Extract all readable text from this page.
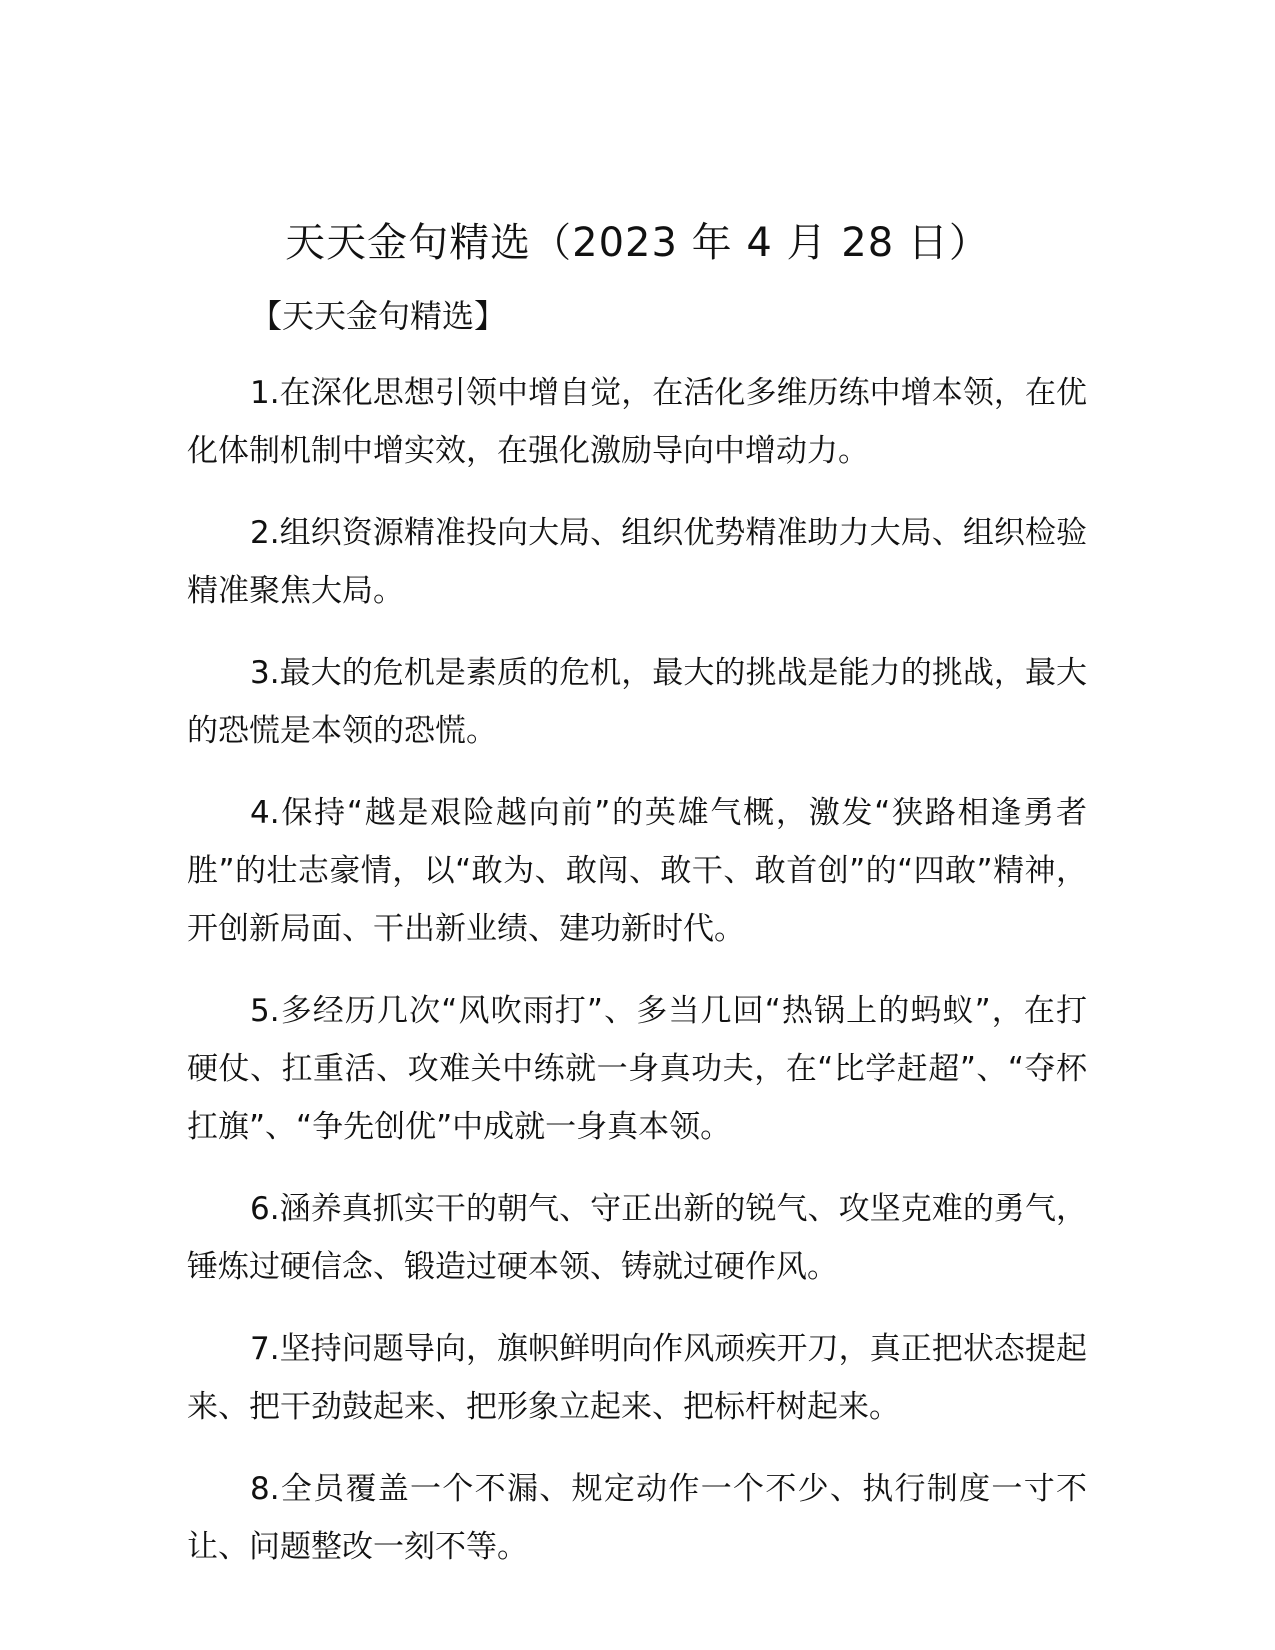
天天金句精选（2023 年 4 月 28 日）
【天天金句精选】

1.在深化思想引领中增自觉，在活化多维历练中增本领，在优化体制机制中增实效，在强化激励导向中增动力。

2.组织资源精准投向大局、组织优势精准助力大局、组织检验精准聚焦大局。

3.最大的危机是素质的危机，最大的挑战是能力的挑战，最大的恐慌是本领的恐慌。

4.保持“越是艰险越向前”的英雄气概，激发“狭路相逢勇者胜”的壮志豪情，以“敢为、敢闯、敢干、敢首创”的“四敢”精神，开创新局面、干出新业绩、建功新时代。

5.多经历几次“风吹雨打”、多当几回“热锅上的蚂蚁”，在打硬仗、扛重活、攻难关中练就一身真功夫，在“比学赶超”、“夺杯扛旗”、“争先创优”中成就一身真本领。

6.涵养真抓实干的朝气、守正出新的锐气、攻坚克难的勇气，锤炼过硬信念、锻造过硬本领、铸就过硬作风。

7.坚持问题导向，旗帜鲜明向作风顽疾开刀，真正把状态提起来、把干劲鼓起来、把形象立起来、把标杆树起来。

8.全员覆盖一个不漏、规定动作一个不少、执行制度一寸不让、问题整改一刻不等。
